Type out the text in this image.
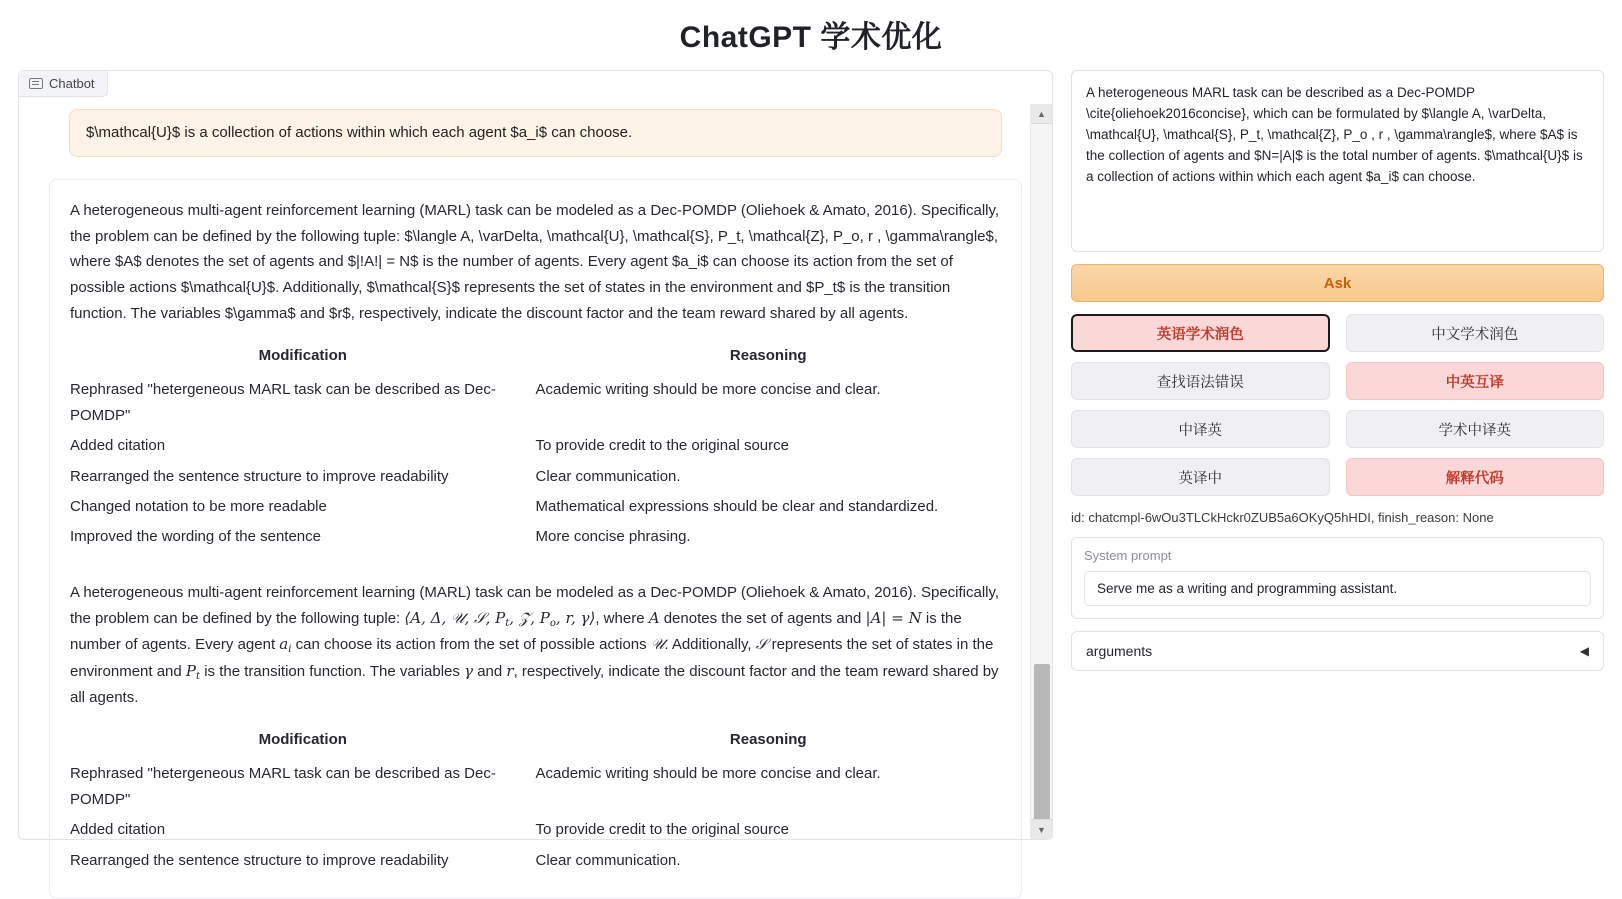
ChatGPT 学术优化
Chatbot
$\mathcal{U}$ is a collection of actions within which each agent $a_i$ can choose.

A heterogeneous multi-agent reinforcement learning (MARL) task can be modeled as a Dec-POMDP (Oliehoek & Amato, 2016). Specifically, the problem can be defined by the following tuple: $\langle A, \varDelta, \mathcal{U}, \mathcal{S}, P_t, \mathcal{Z}, P_o, r , \gamma\rangle$, where $A$ denotes the set of agents and $|!A!| = N$ is the number of agents. Every agent $a_i$ can choose its action from the set of possible actions $\mathcal{U}$. Additionally, $\mathcal{S}$ represents the set of states in the environment and $P_t$ is the transition function. The variables $\gamma$ and $r$, respectively, indicate the discount factor and the team reward shared by all agents.

Modification	Reasoning
Rephrased "hetergeneous MARL task can be described as Dec-POMDP"	Academic writing should be more concise and clear.
Added citation	To provide credit to the original source
Rearranged the sentence structure to improve readability	Clear communication.
Changed notation to be more readable	Mathematical expressions should be clear and standardized.
Improved the wording of the sentence	More concise phrasing.

A heterogeneous multi-agent reinforcement learning (MARL) task can be modeled as a Dec-POMDP (Oliehoek & Amato, 2016). Specifically, the problem can be defined by the following tuple: ⟨A, Δ, 𝒰, 𝒮, $P_t$, 𝒵, $P_o$, r, γ⟩, where A denotes the set of agents and |A| = N is the number of agents. Every agent $a_i$ can choose its action from the set of possible actions 𝒰. Additionally, 𝒮 represents the set of states in the environment and $P_t$ is the transition function. The variables γ and r, respectively, indicate the discount factor and the team reward shared by all agents.

Modification	Reasoning
Rephrased "hetergeneous MARL task can be described as Dec-POMDP"	Academic writing should be more concise and clear.
Added citation	To provide credit to the original source
Rearranged the sentence structure to improve readability	Clear communication.
▲
▼
A heterogeneous MARL task can be described as a Dec-POMDP \cite{oliehoek2016concise}, which can be formulated by $\langle A, \varDelta, \mathcal{U}, \mathcal{S}, P_t, \mathcal{Z}, P_o , r , \gamma\rangle$, where $A$ is the collection of agents and $N=|A|$ is the total number of agents. $\mathcal{U}$ is a collection of actions within which each agent $a_i$ can choose.
Ask
英语学术润色	中文学术润色
查找语法错误	中英互译
中译英	学术中译英
英译中	解释代码
id: chatcmpl-6wOu3TLCkHckr0ZUB5a6OKyQ5hHDI, finish_reason: None
System prompt
Serve me as a writing and programming assistant.
arguments	◀
